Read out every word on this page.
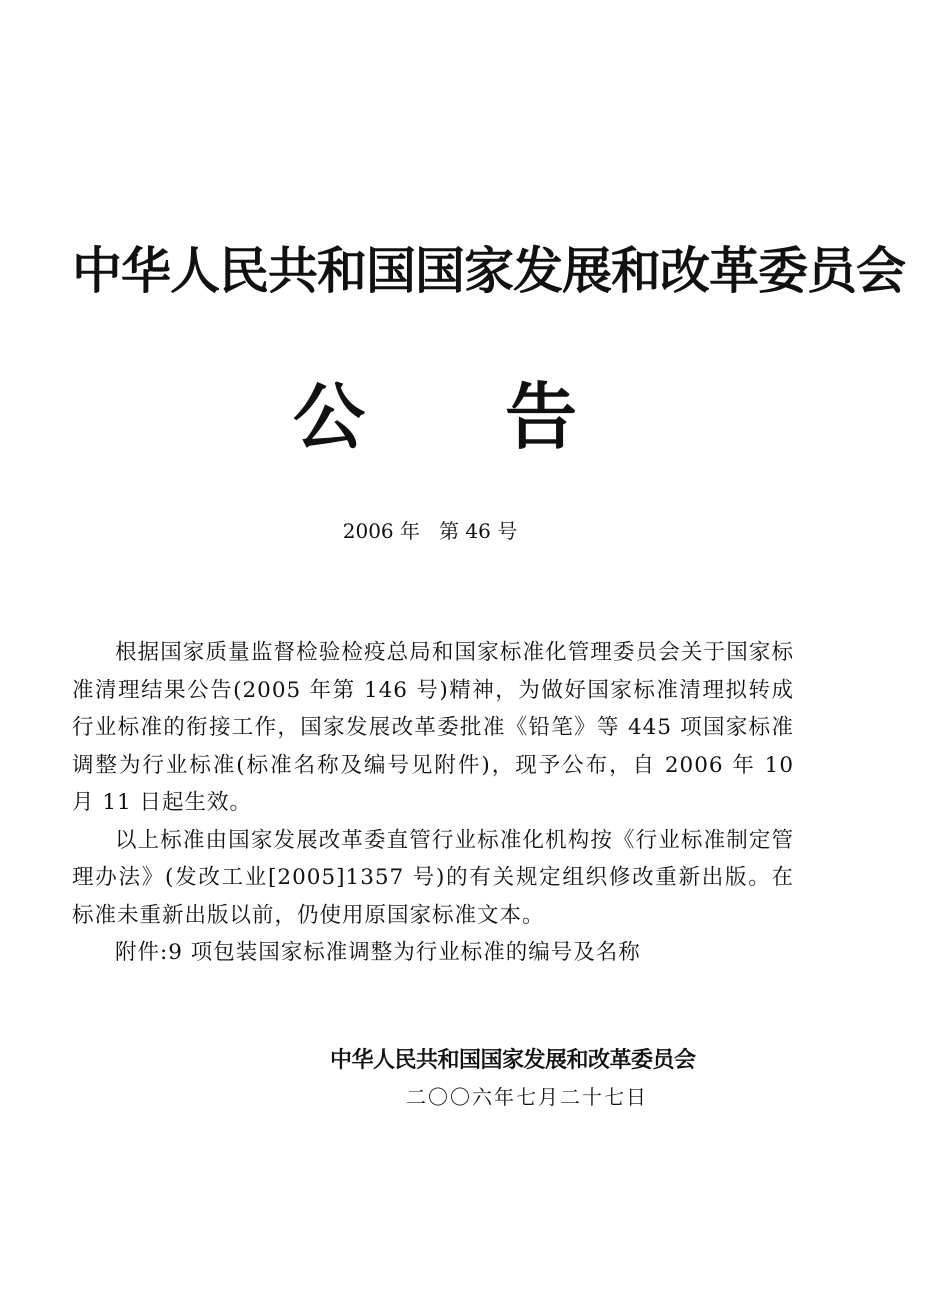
中华人民共和国国家发展和改革委员会
公告
2006 年   第 46 号

根据国家质量监督检验检疫总局和国家标准化管理委员会关于国家标准清理结果公告(2005 年第 146 号)精神，为做好国家标准清理拟转成行业标准的衔接工作，国家发展改革委批准《铅笔》等 445 项国家标准调整为行业标准(标准名称及编号见附件)，现予公布，自 2006 年 10 月 11 日起生效。

以上标准由国家发展改革委直管行业标准化机构按《行业标准制定管理办法》(发改工业[2005]1357 号)的有关规定组织修改重新出版。在标准未重新出版以前，仍使用原国家标准文本。

附件:9 项包装国家标准调整为行业标准的编号及名称

中华人民共和国国家发展和改革委员会
二〇〇六年七月二十七日
